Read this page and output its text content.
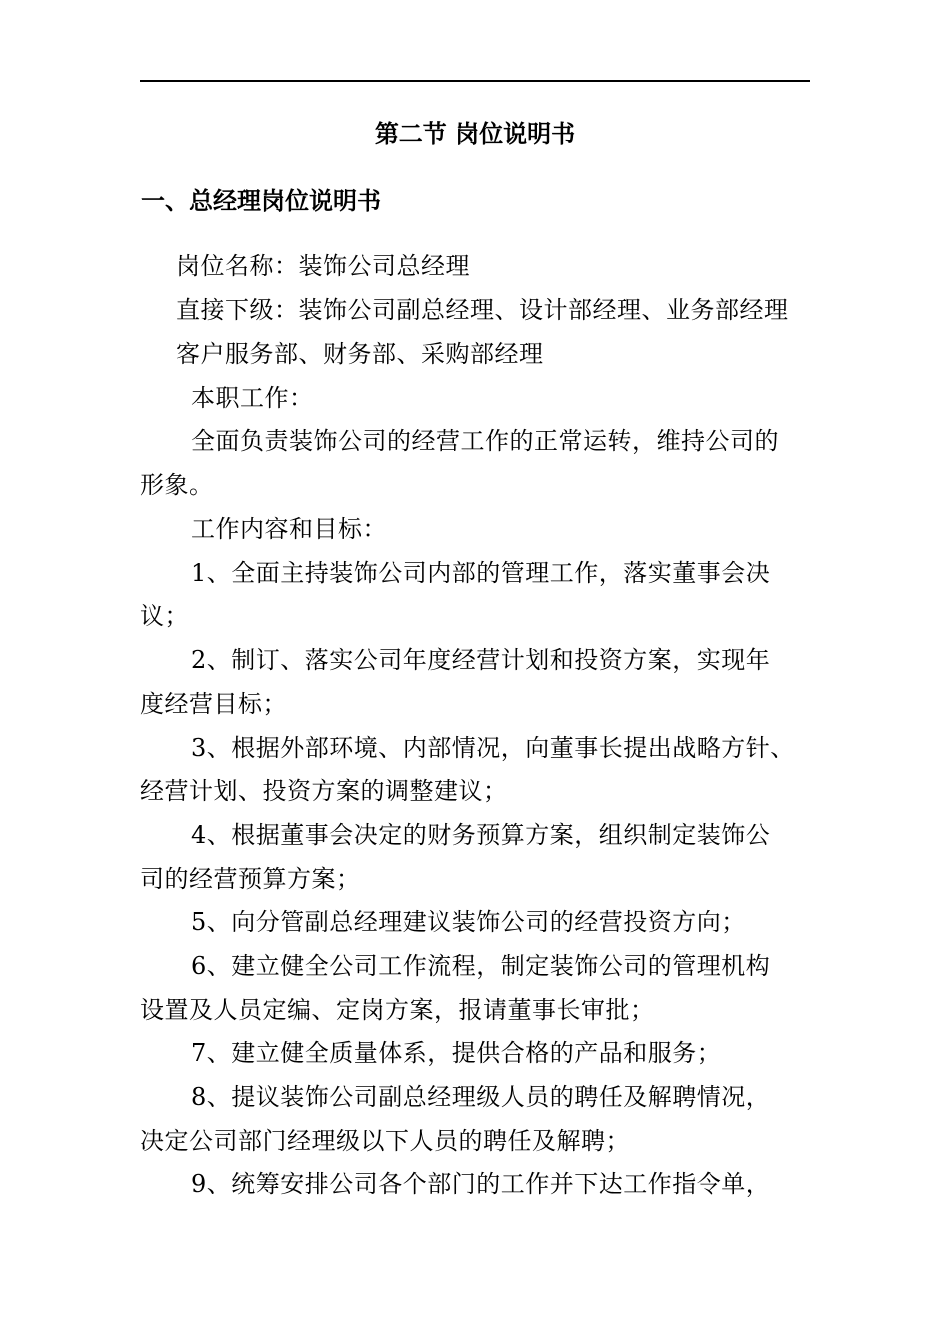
第二节 岗位说明书
一、总经理岗位说明书
岗位名称：装饰公司总经理
直接下级：装饰公司副总经理、设计部经理、业务部经理
客户服务部、财务部、采购部经理
本职工作：
全面负责装饰公司的经营工作的正常运转，维持公司的
形象。
工作内容和目标：
1、全面主持装饰公司内部的管理工作，落实董事会决
议；
2、制订、落实公司年度经营计划和投资方案，实现年
度经营目标；
3、根据外部环境、内部情况，向董事长提出战略方针、
经营计划、投资方案的调整建议；
4、根据董事会决定的财务预算方案，组织制定装饰公
司的经营预算方案；
5、向分管副总经理建议装饰公司的经营投资方向；
6、建立健全公司工作流程，制定装饰公司的管理机构
设置及人员定编、定岗方案，报请董事长审批；
7、建立健全质量体系，提供合格的产品和服务；
8、提议装饰公司副总经理级人员的聘任及解聘情况，
决定公司部门经理级以下人员的聘任及解聘；
9、统筹安排公司各个部门的工作并下达工作指令单，
